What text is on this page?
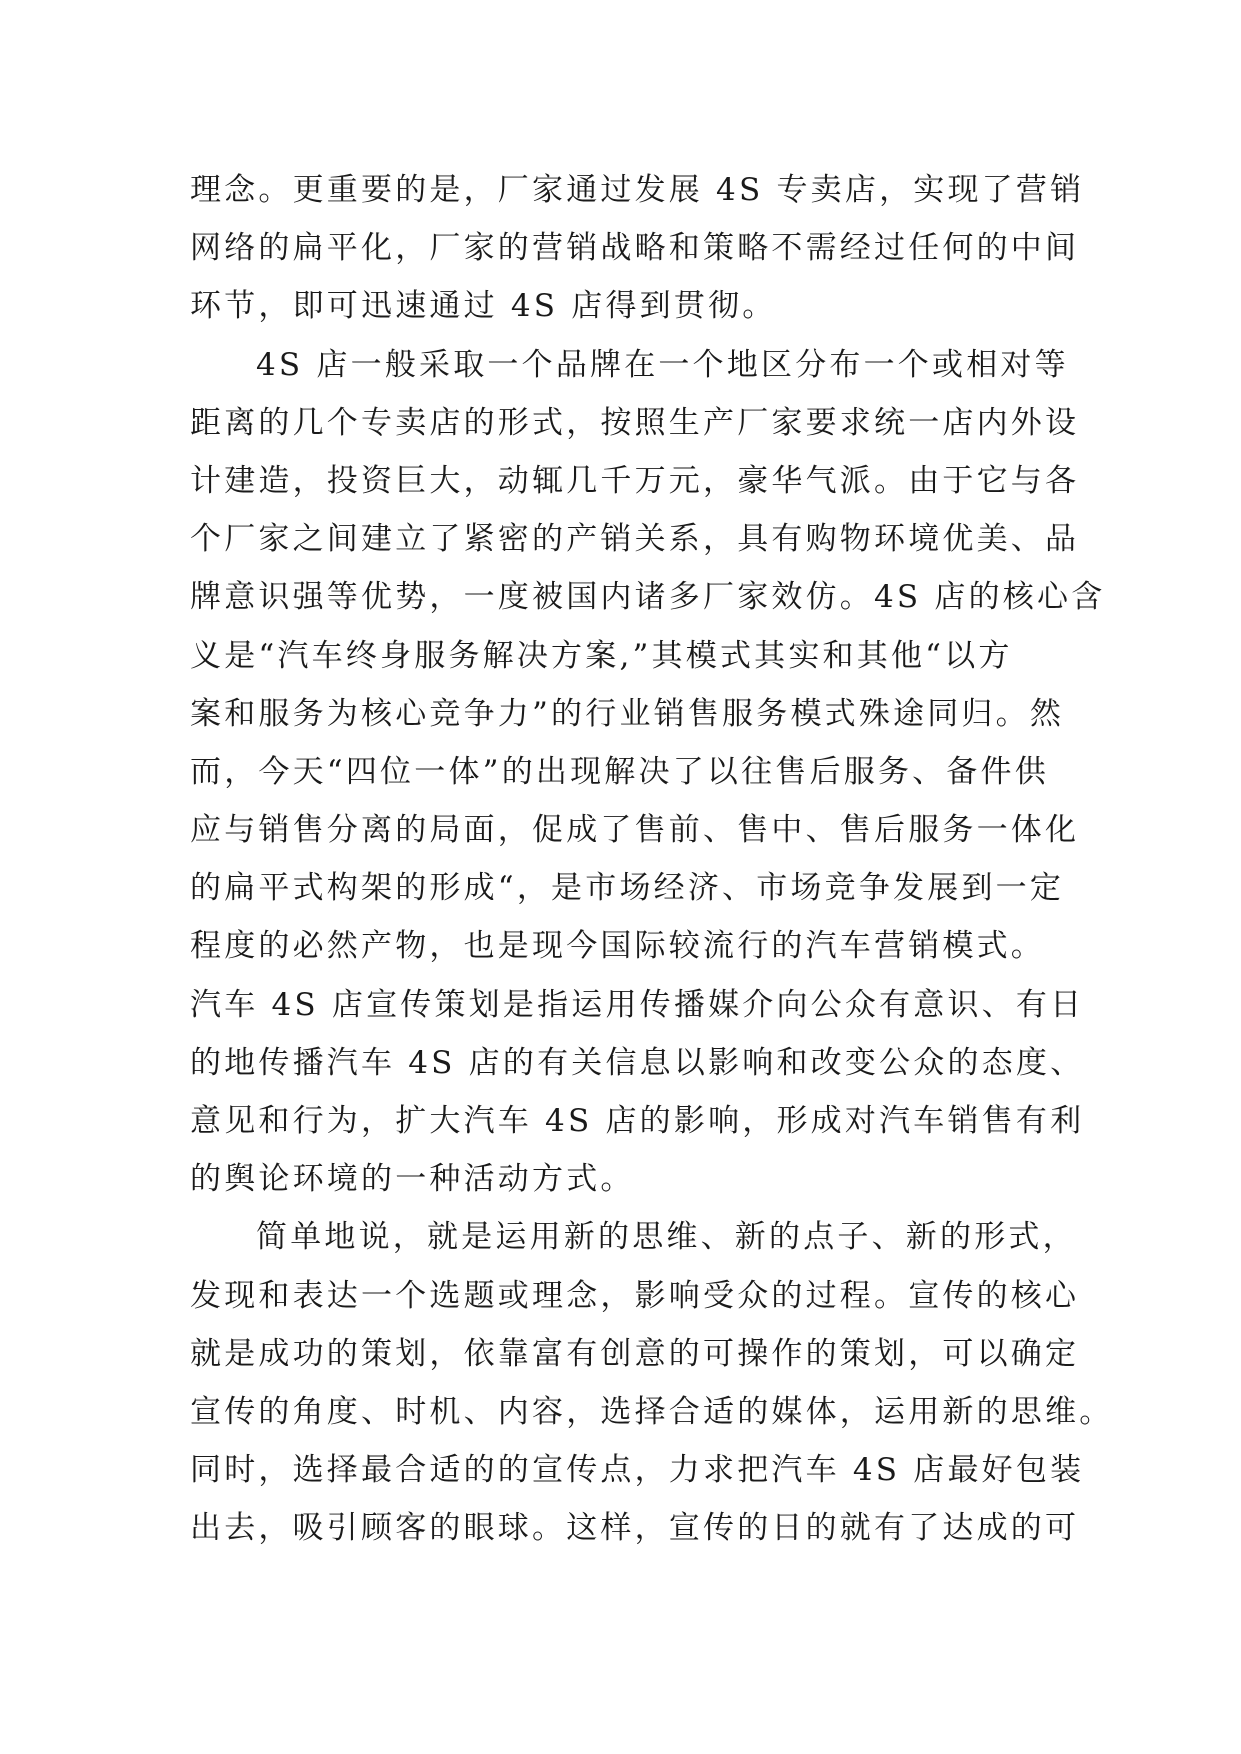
理念。更重要的是，厂家通过发展 4S 专卖店，实现了营销
网络的扁平化，厂家的营销战略和策略不需经过任何的中间
环节，即可迅速通过 4S 店得到贯彻。
4S 店一般采取一个品牌在一个地区分布一个或相对等
距离的几个专卖店的形式，按照生产厂家要求统一店内外设
计建造，投资巨大，动辄几千万元，豪华气派。由于它与各
个厂家之间建立了紧密的产销关系，具有购物环境优美、品
牌意识强等优势，一度被国内诸多厂家效仿。4S 店的核心含
义是“汽车终身服务解决方案,”其模式其实和其他“以方
案和服务为核心竞争力”的行业销售服务模式殊途同归。然
而，今天“四位一体”的出现解决了以往售后服务、备件供
应与销售分离的局面，促成了售前、售中、售后服务一体化
的扁平式构架的形成“，是市场经济、市场竞争发展到一定
程度的必然产物，也是现今国际较流行的汽车营销模式。
汽车 4S 店宣传策划是指运用传播媒介向公众有意识、有日
的地传播汽车 4S 店的有关信息以影响和改变公众的态度、
意见和行为，扩大汽车 4S 店的影响，形成对汽车销售有利
的舆论环境的一种活动方式。
简单地说，就是运用新的思维、新的点子、新的形式，
发现和表达一个选题或理念，影响受众的过程。宣传的核心
就是成功的策划，依靠富有创意的可操作的策划，可以确定
宣传的角度、时机、内容，选择合适的媒体，运用新的思维。
同时，选择最合适的的宣传点，力求把汽车 4S 店最好包装
出去，吸引顾客的眼球。这样，宣传的日的就有了达成的可
